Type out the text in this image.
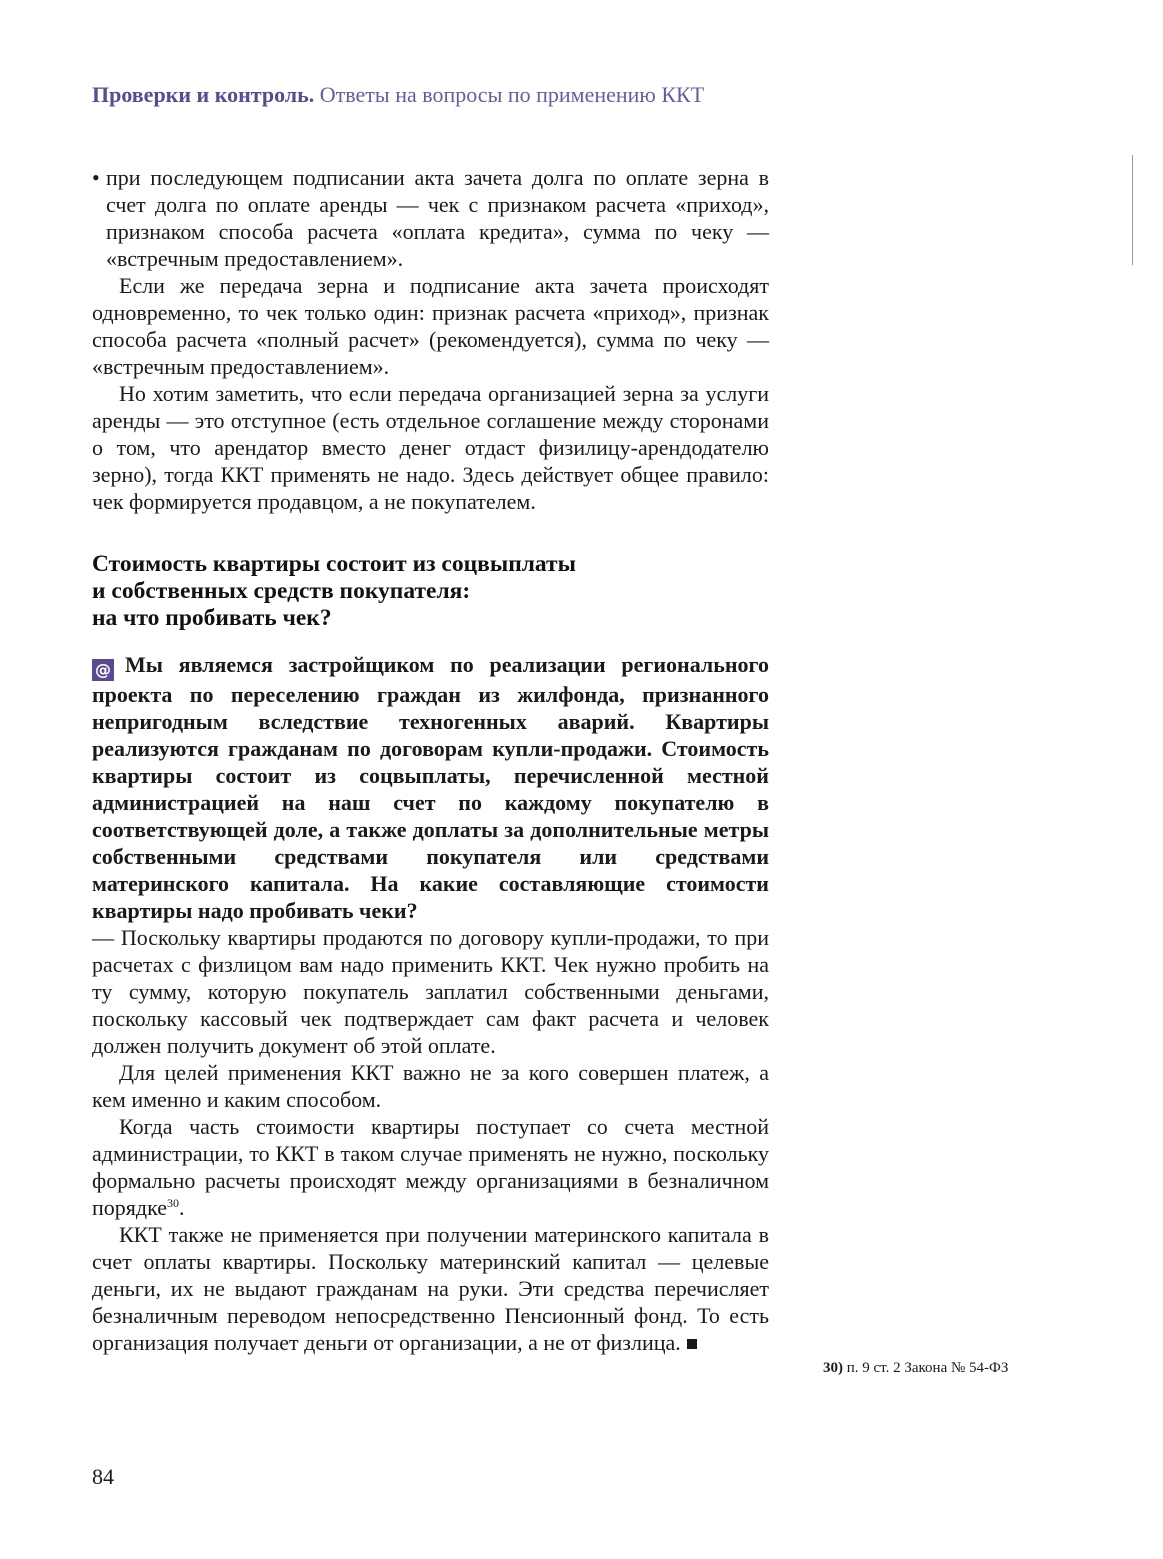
Проверки и контроль. Ответы на вопросы по применению ККТ

• при последующем подписании акта зачета долга по оплате зерна в счет долга по оплате аренды — чек с признаком расчета «приход», признаком способа расчета «оплата кредита», сумма по чеку — «встречным предоставлением».

Если же передача зерна и подписание акта зачета происходят одновременно, то чек только один: признак расчета «приход», признак способа расчета «полный расчет» (рекомендуется), сумма по чеку — «встречным предоставлением».

Но хотим заметить, что если передача организацией зерна за услуги аренды — это отступное (есть отдельное соглашение между сторонами о том, что арендатор вместо денег отдаст физилицу-арендодателю зерно), тогда ККТ применять не надо. Здесь действует общее правило: чек формируется продавцом, а не покупателем.

Стоимость квартиры состоит из соцвыплаты
и собственных средств покупателя:
на что пробивать чек?

@ Мы являемся застройщиком по реализации регионального проекта по переселению граждан из жилфонда, признанного непригодным вследствие техногенных аварий. Квартиры реализуются гражданам по договорам купли-продажи. Стоимость квартиры состоит из соцвыплаты, перечисленной местной администрацией на наш счет по каждому покупателю в соответствующей доле, а также доплаты за дополнительные метры собственными средствами покупателя или средствами материнского капитала. На какие составляющие стоимости квартиры надо пробивать чеки?

— Поскольку квартиры продаются по договору купли-продажи, то при расчетах с физлицом вам надо применить ККТ. Чек нужно пробить на ту сумму, которую покупатель заплатил собственными деньгами, поскольку кассовый чек подтверждает сам факт расчета и человек должен получить документ об этой оплате.

Для целей применения ККТ важно не за кого совершен платеж, а кем именно и каким способом.

Когда часть стоимости квартиры поступает со счета местной администрации, то ККТ в таком случае применять не нужно, поскольку формально расчеты происходят между организациями в безналичном порядке$^{30}$.

ККТ также не применяется при получении материнского капитала в счет оплаты квартиры. Поскольку материнский капитал — целевые деньги, их не выдают гражданам на руки. Эти средства перечисляет безналичным переводом непосредственно Пенсионный фонд. То есть организация получает деньги от организации, а не от физлица.

30) п. 9 ст. 2 Закона № 54-ФЗ
84
